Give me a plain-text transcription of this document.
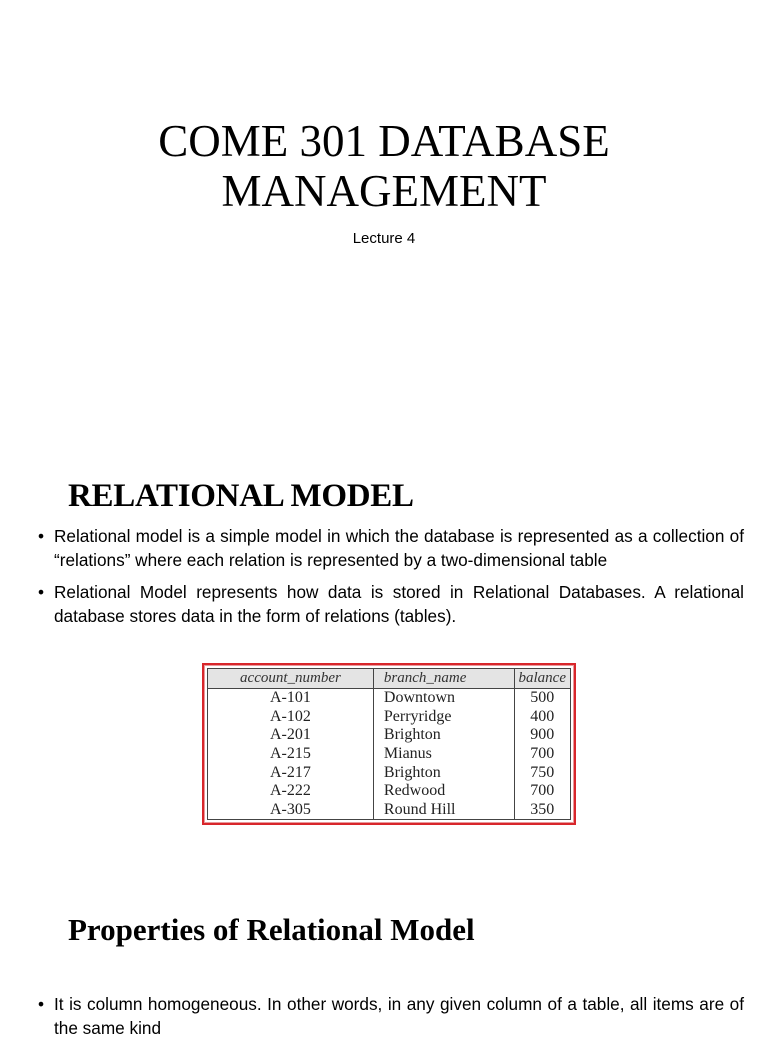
COME 301 DATABASE MANAGEMENT
Lecture 4
RELATIONAL MODEL
• Relational model is a simple model in which the database is represented as a collection of “relations” where each relation is represented by a two-dimensional table
• Relational Model represents how data is stored in Relational Databases. A relational database stores data in the form of relations (tables).
account_number	branch_name	balance
A-101	Downtown	500
A-102	Perryridge	400
A-201	Brighton	900
A-215	Mianus	700
A-217	Brighton	750
A-222	Redwood	700
A-305	Round Hill	350
Properties of Relational Model
• It is column homogeneous. In other words, in any given column of a table, all items are of the same kind
